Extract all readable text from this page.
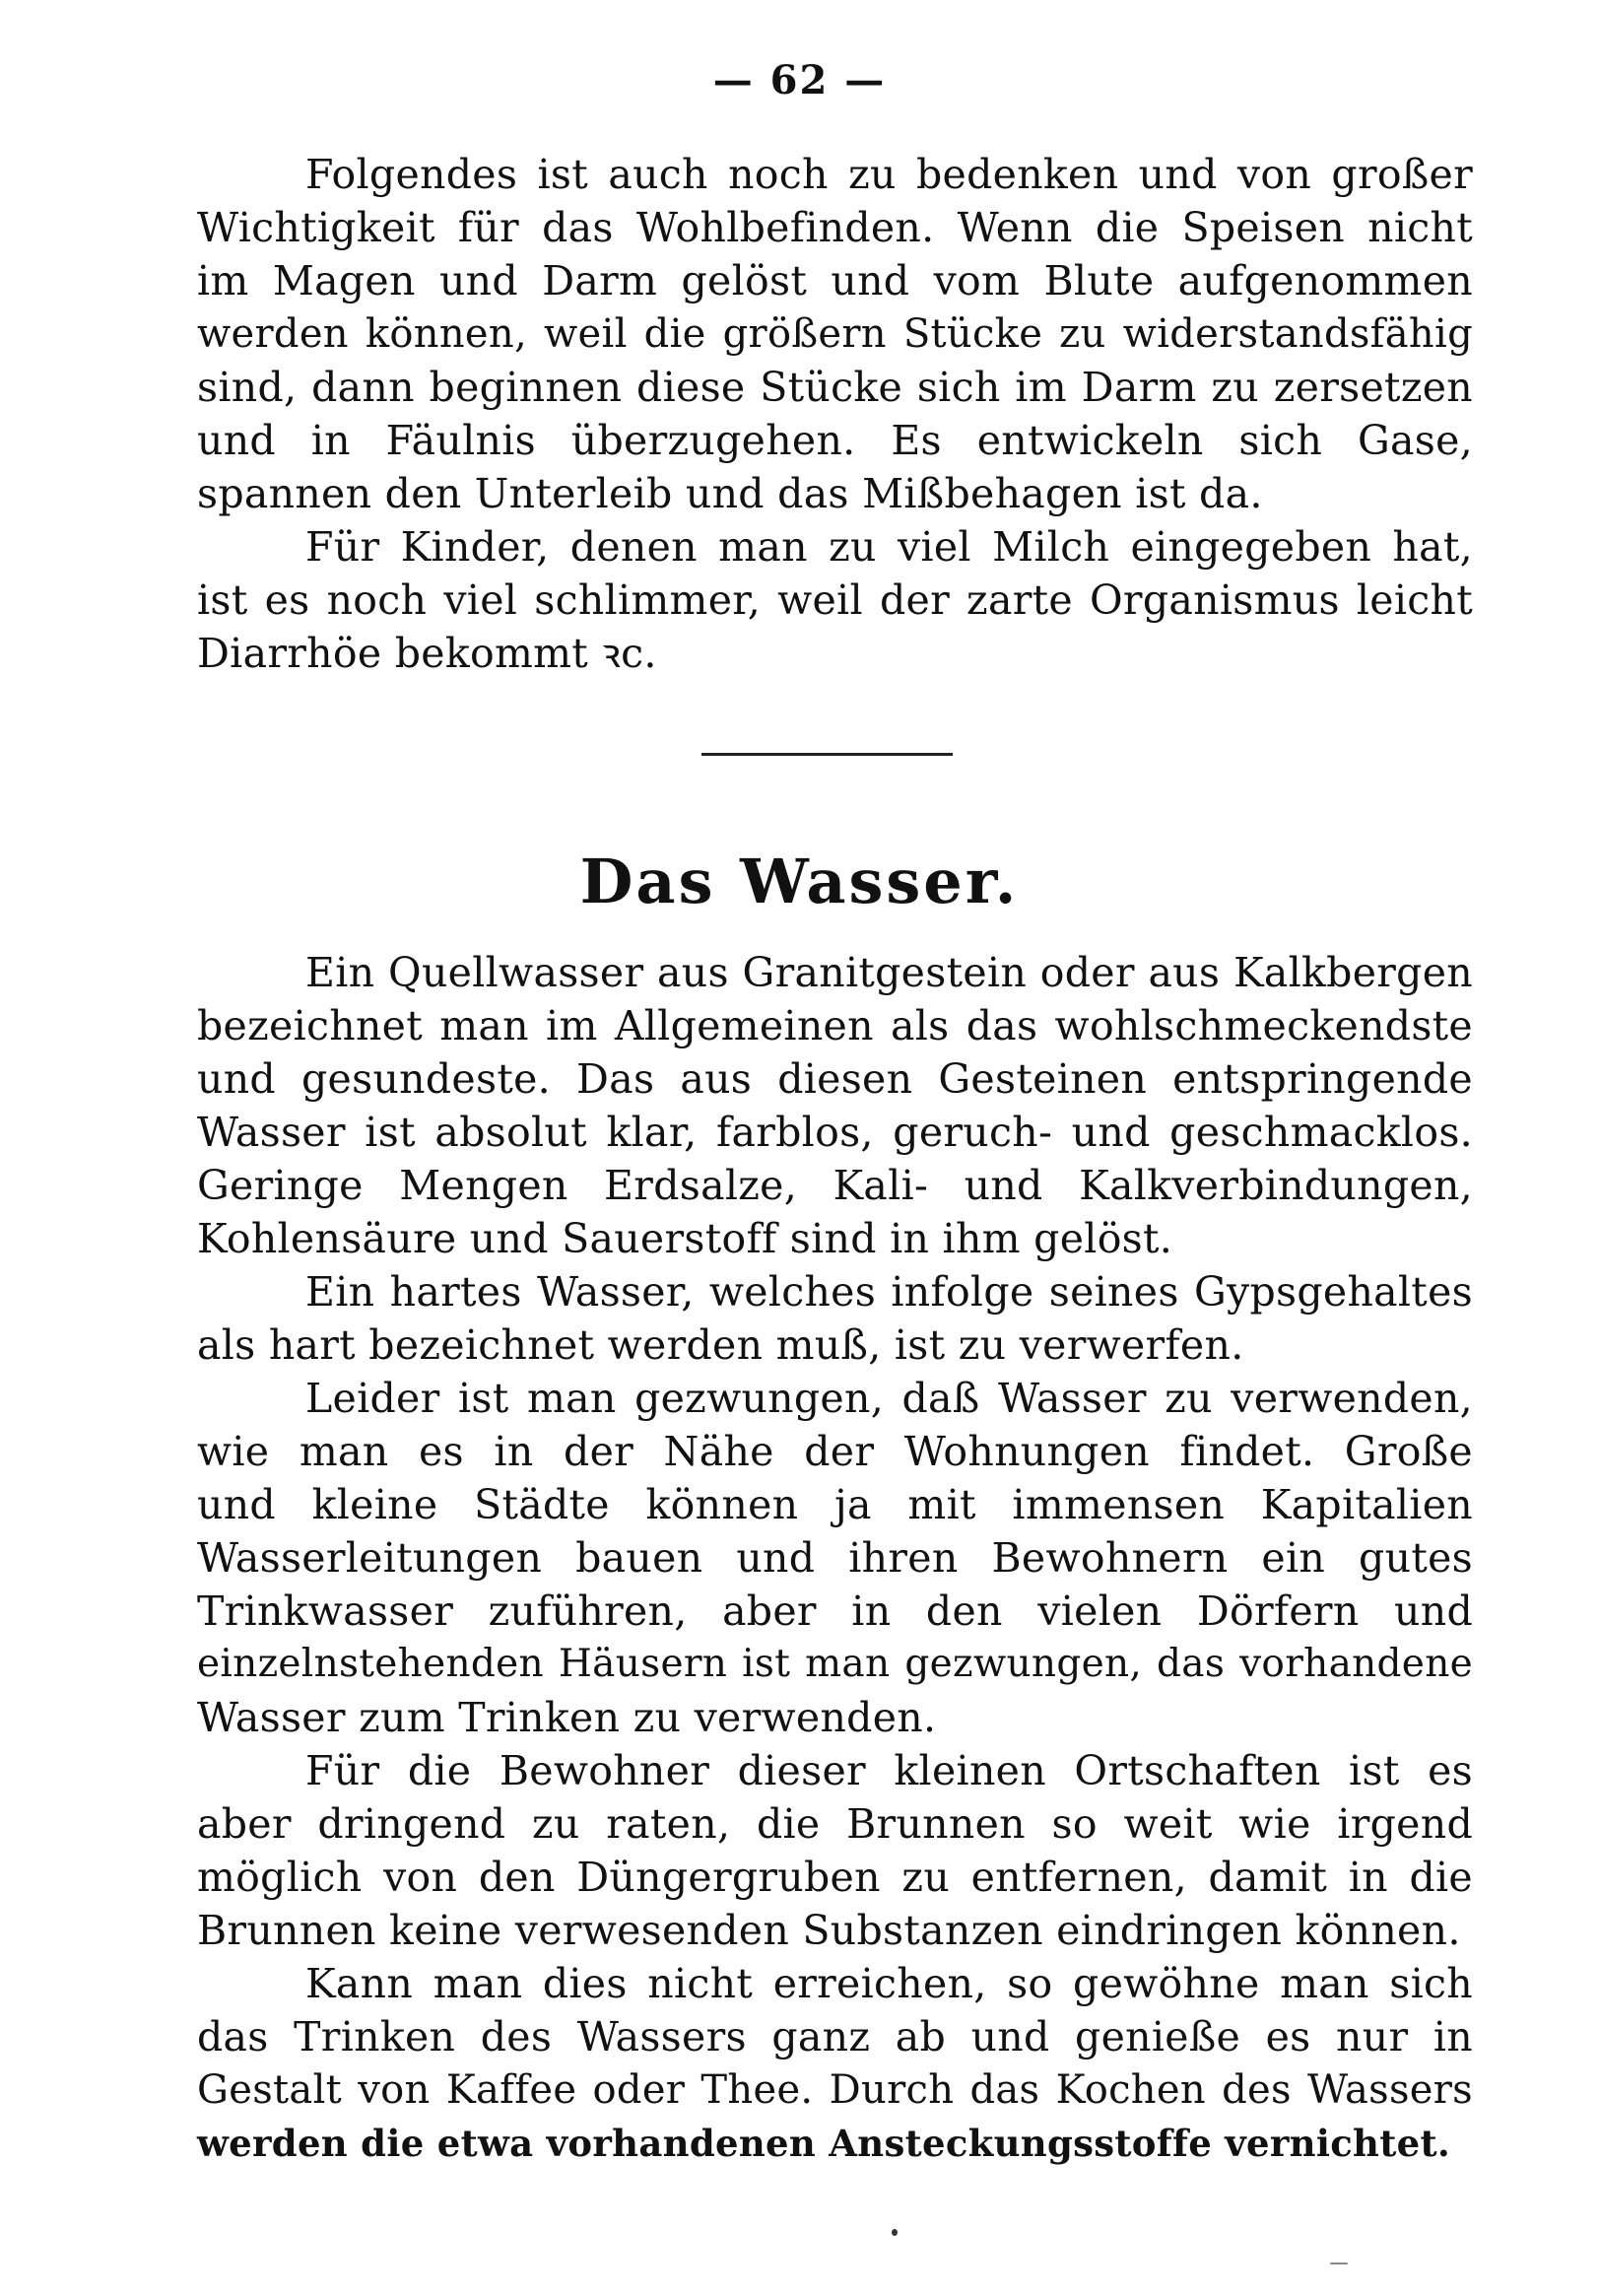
— 62 —
Folgendes ist auch noch zu bedenken und von großer
Wichtigkeit für das Wohlbefinden. Wenn die Speisen nicht
im Magen und Darm gelöst und vom Blute aufgenommen
werden können, weil die größern Stücke zu widerstandsfähig
sind, dann beginnen diese Stücke sich im Darm zu zersetzen
und in Fäulnis überzugehen. Es entwickeln sich Gase,
spannen den Unterleib und das Mißbehagen ist da.
Für Kinder, denen man zu viel Milch eingegeben hat,
ist es noch viel schlimmer, weil der zarte Organismus leicht
Diarrhöe bekommt ꝛc.
Das Wasser.
Ein Quellwasser aus Granitgestein oder aus Kalkbergen
bezeichnet man im Allgemeinen als das wohlschmeckendste
und gesundeste. Das aus diesen Gesteinen entspringende
Wasser ist absolut klar, farblos, geruch- und geschmacklos.
Geringe Mengen Erdsalze, Kali- und Kalkverbindungen,
Kohlensäure und Sauerstoff sind in ihm gelöst.
Ein hartes Wasser, welches infolge seines Gypsgehaltes
als hart bezeichnet werden muß, ist zu verwerfen.
Leider ist man gezwungen, daß Wasser zu verwenden,
wie man es in der Nähe der Wohnungen findet. Große
und kleine Städte können ja mit immensen Kapitalien
Wasserleitungen bauen und ihren Bewohnern ein gutes
Trinkwasser zuführen, aber in den vielen Dörfern und
einzelnstehenden Häusern ist man gezwungen, das vorhandene
Wasser zum Trinken zu verwenden.
Für die Bewohner dieser kleinen Ortschaften ist es
aber dringend zu raten, die Brunnen so weit wie irgend
möglich von den Düngergruben zu entfernen, damit in die
Brunnen keine verwesenden Substanzen eindringen können.
Kann man dies nicht erreichen, so gewöhne man sich
das Trinken des Wassers ganz ab und genieße es nur in
Gestalt von Kaffee oder Thee. Durch das Kochen des Wassers
werden die etwa vorhandenen Ansteckungsstoffe vernichtet.
